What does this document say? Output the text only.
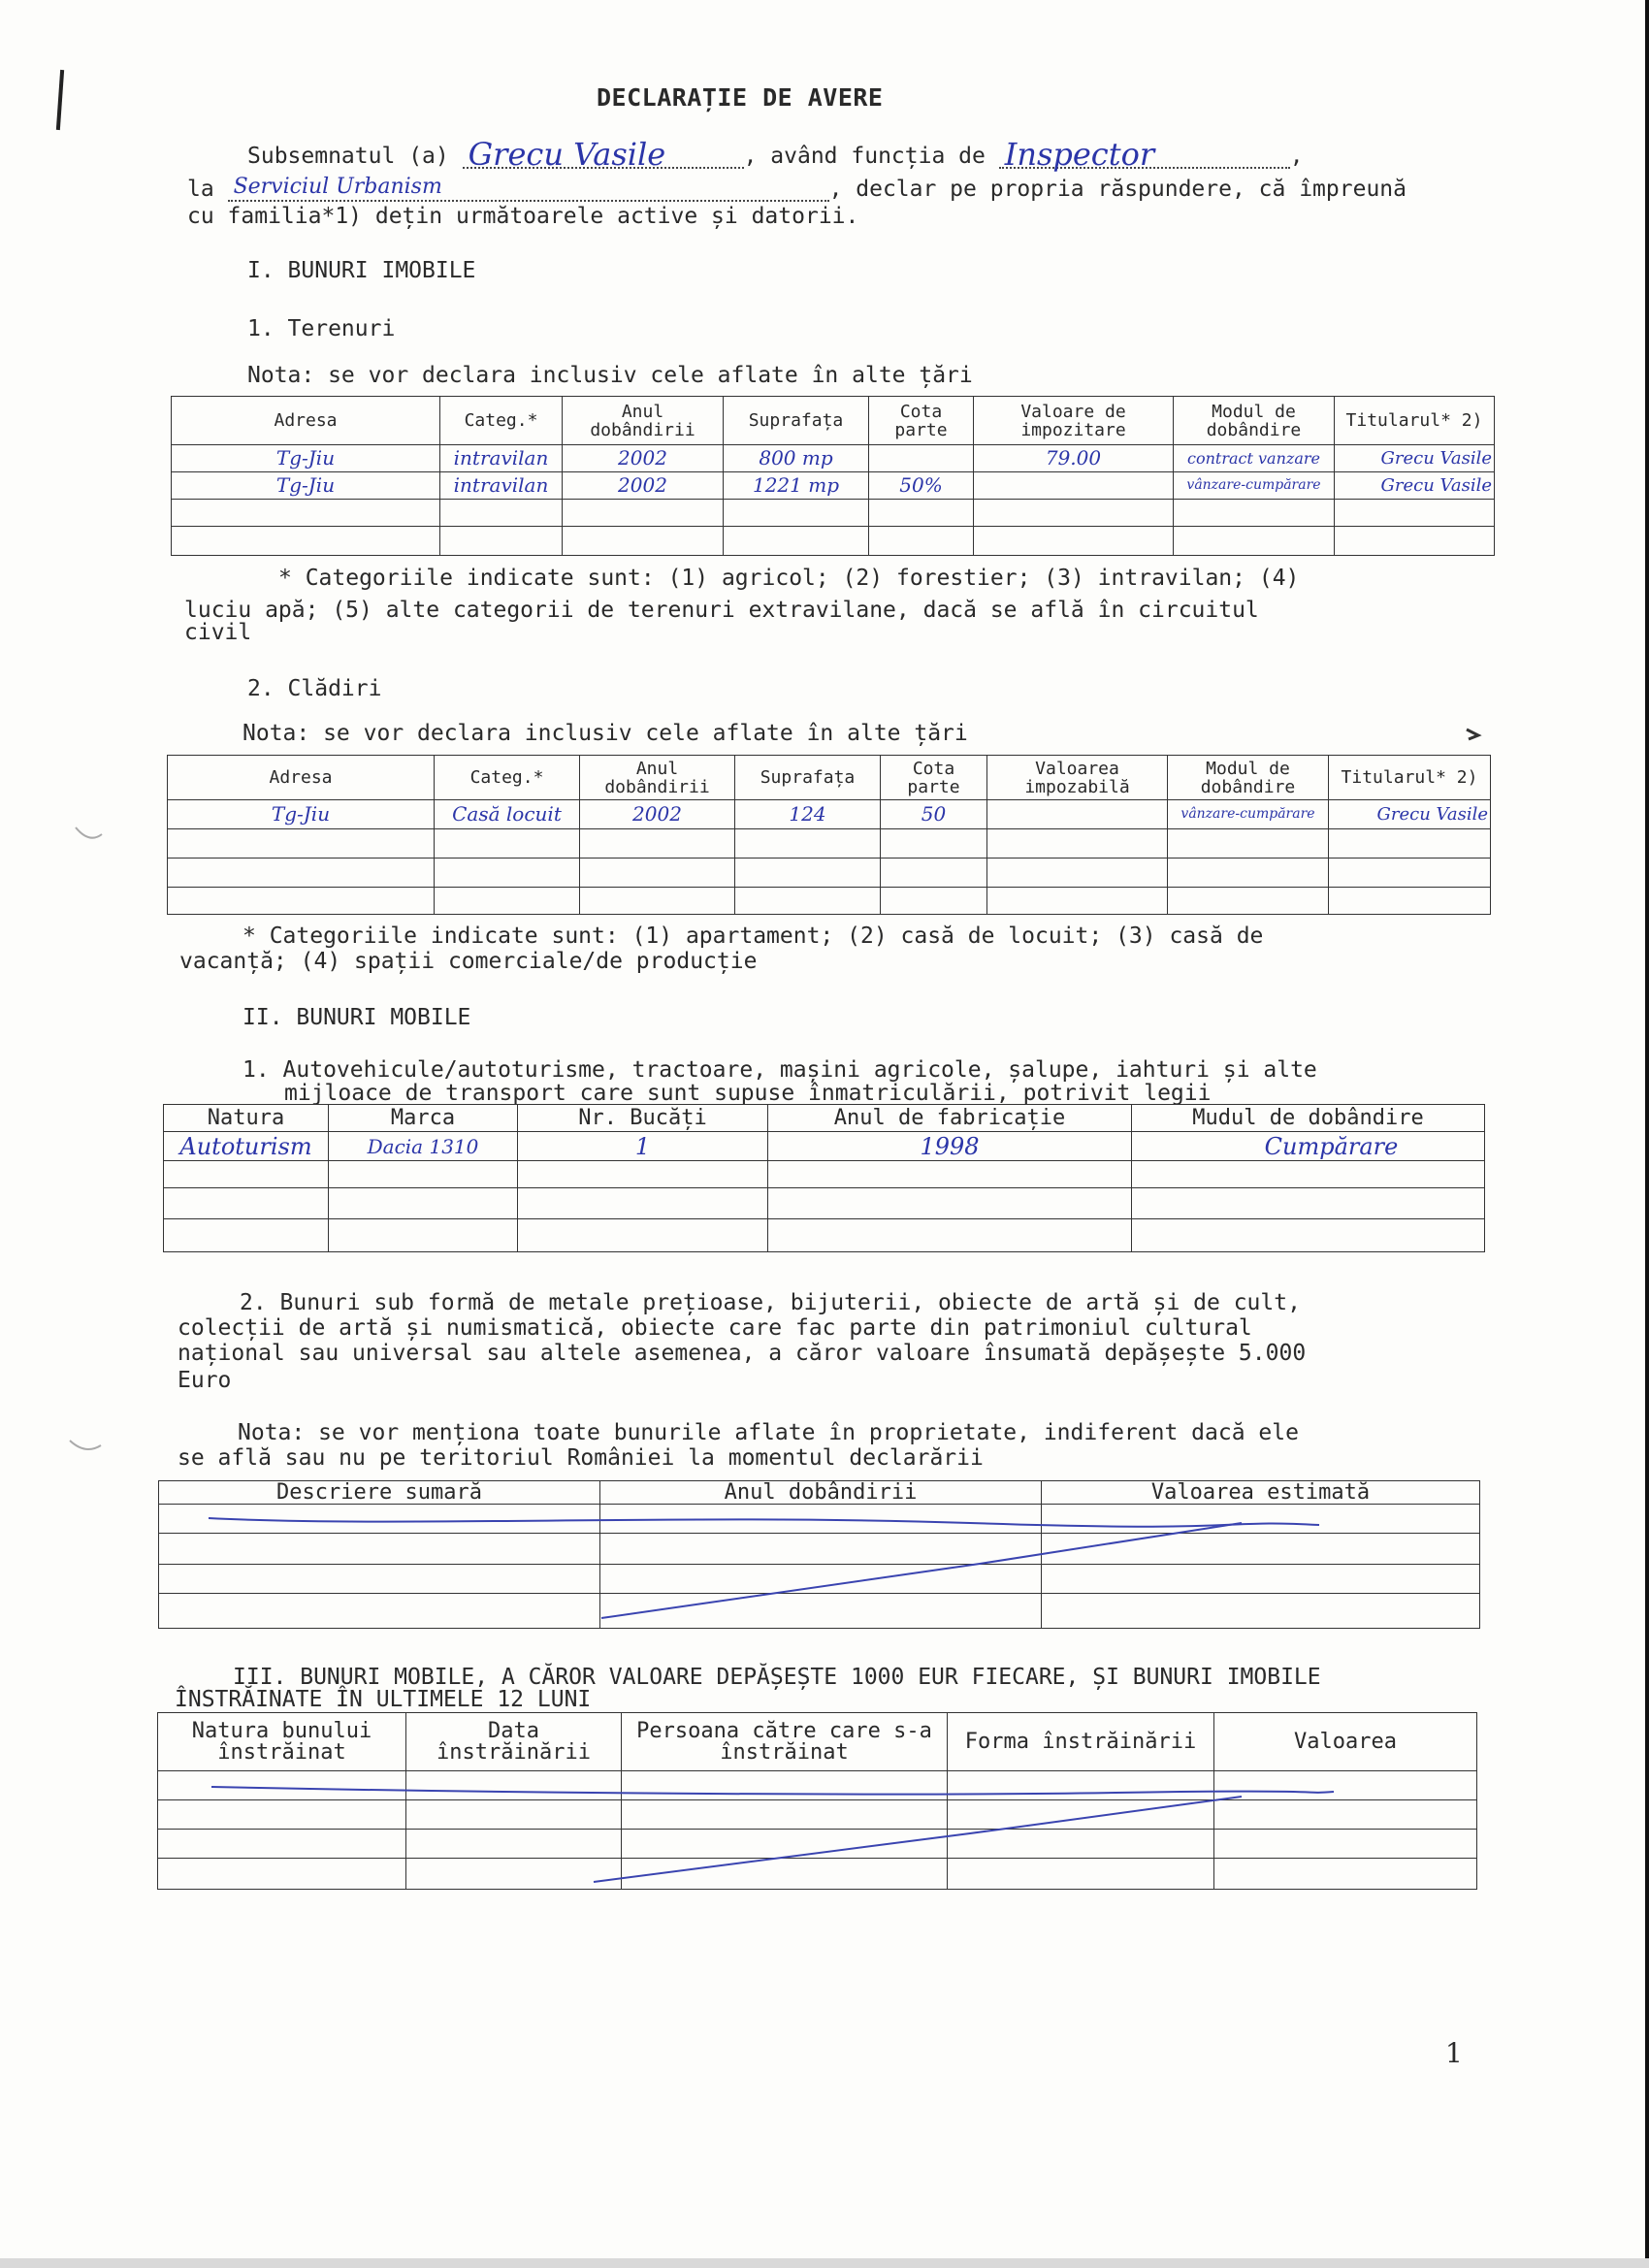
DECLARAȚIE DE AVERE
Subsemnatul (a) Grecu Vasile	, având funcția de Inspector	,
la Serviciul Urbanism	, declar pe propria răspundere, că împreună
cu familia*1) dețin următoarele active și datorii.
I. BUNURI IMOBILE
1. Terenuri
Nota: se vor declara inclusiv cele aflate în alte țări
Adresa	Categ.*	Anul dobândirii	Suprafața	Cota parte	Valoare de impozitare	Modul de dobândire	Titularul* 2)
Tg-Jiu	intravilan	2002	800 mp		79.00	contract vanzare	Grecu Vasile
Tg-Jiu	intravilan	2002	1221 mp	50%		vânzare-cumpărare	Grecu Vasile

* Categoriile indicate sunt: (1) agricol; (2) forestier; (3) intravilan; (4)
luciu apă; (5) alte categorii de terenuri extravilane, dacă se află în circuitul
civil
2. Clădiri
Nota: se vor declara inclusiv cele aflate în alte țări
Adresa	Categ.*	Anul dobândirii	Suprafața	Cota parte	Valoarea impozabilă	Modul de dobândire	Titularul* 2)
Tg-Jiu	Casă locuit	2002	124	50		vânzare-cumpărare	Grecu Vasile

* Categoriile indicate sunt: (1) apartament; (2) casă de locuit; (3) casă de
vacanță; (4) spații comerciale/de producție
II. BUNURI MOBILE
1. Autovehicule/autoturisme, tractoare, mașini agricole, șalupe, iahturi și alte
mijloace de transport care sunt supuse înmatriculării, potrivit legii
Natura	Marca	Nr. Bucăți	Anul de fabricație	Mudul de dobândire
Autoturism	Dacia 1310	1	1998	Cumpărare

2. Bunuri sub formă de metale prețioase, bijuterii, obiecte de artă și de cult,
colecții de artă și numismatică, obiecte care fac parte din patrimoniul cultural
național sau universal sau altele asemenea, a căror valoare însumată depășește 5.000
Euro
Nota: se vor menționa toate bunurile aflate în proprietate, indiferent dacă ele
se află sau nu pe teritoriul României la momentul declarării
Descriere sumară	Anul dobândirii	Valoarea estimată

III. BUNURI MOBILE, A CĂROR VALOARE DEPĂȘEȘTE 1000 EUR FIECARE, ȘI BUNURI IMOBILE
ÎNSTRĂINATE ÎN ULTIMELE 12 LUNI
Natura bunului înstrăinat	Data înstrăinării	Persoana către care s-a înstrăinat	Forma înstrăinării	Valoarea

1
